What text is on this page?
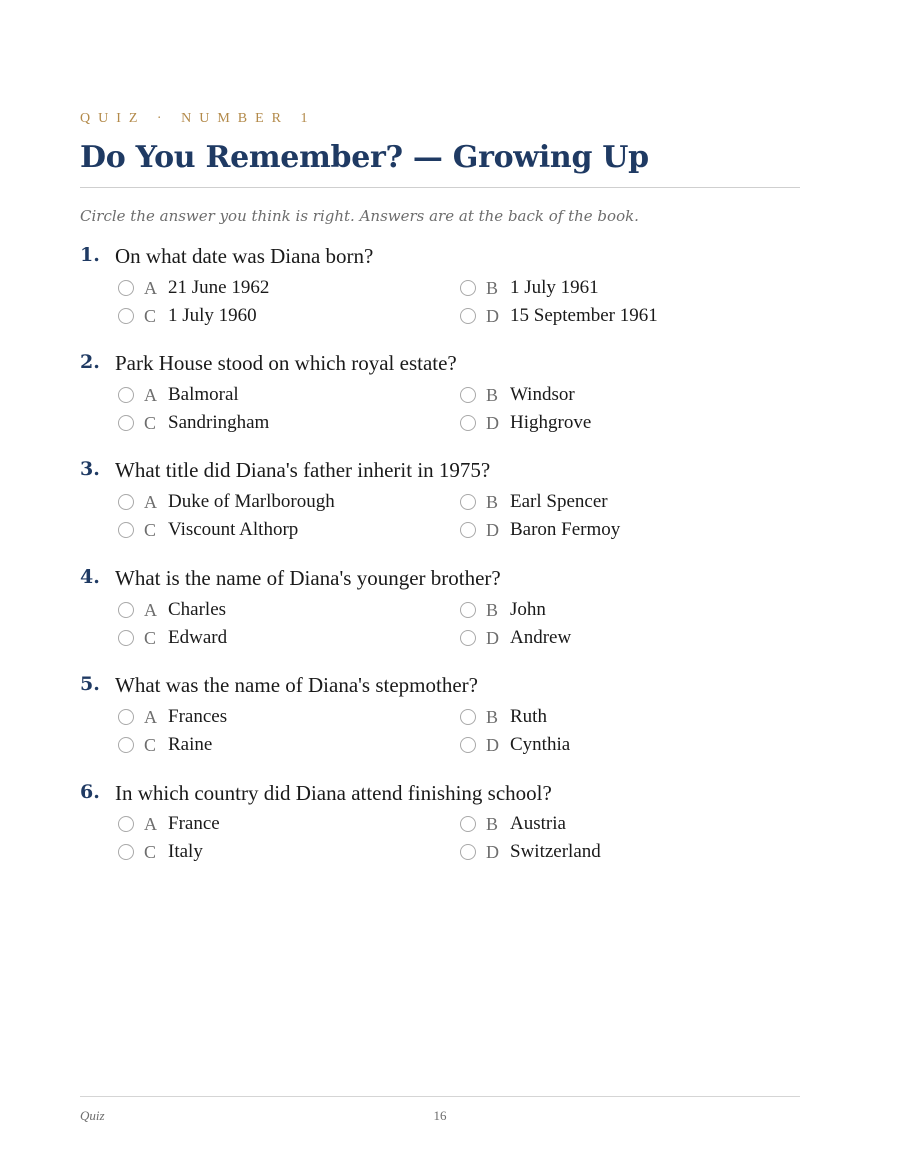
QUIZ · NUMBER 1
Do You Remember? — Growing Up
Circle the answer you think is right. Answers are at the back of the book.
1. On what date was Diana born?
A 21 June 1962	B 1 July 1961
C 1 July 1960	D 15 September 1961
2. Park House stood on which royal estate?
A Balmoral	B Windsor
C Sandringham	D Highgrove
3. What title did Diana's father inherit in 1975?
A Duke of Marlborough	B Earl Spencer
C Viscount Althorp	D Baron Fermoy
4. What is the name of Diana's younger brother?
A Charles	B John
C Edward	D Andrew
5. What was the name of Diana's stepmother?
A Frances	B Ruth
C Raine	D Cynthia
6. In which country did Diana attend finishing school?
A France	B Austria
C Italy	D Switzerland
Quiz	16
